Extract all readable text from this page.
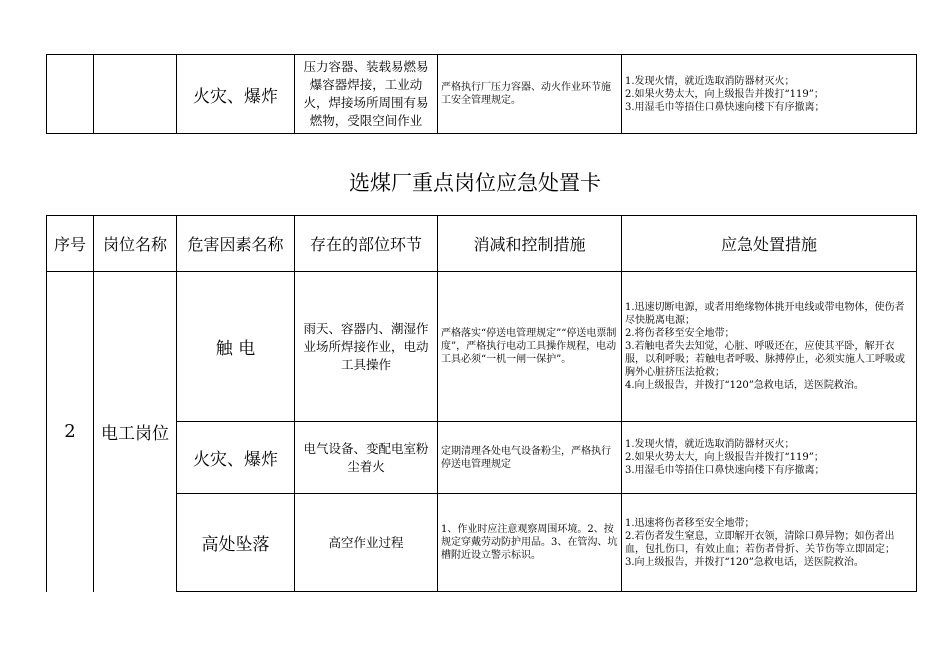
		火灾、爆炸	压力容器、装载易燃易爆容器焊接，工业动火，焊接场所周围有易燃物，受限空间作业	严格执行厂压力容器、动火作业环节施工安全管理规定。	
1.发现火情，就近选取消防器材灭火；
2.如果火势太大，向上级报告并拨打“119”；
3.用湿毛巾等捂住口鼻快速向楼下有序撤离；
选煤厂重点岗位应急处置卡
序号	岗位名称	危害因素名称	存在的部位环节	消减和控制措施	应急处置措施
2	电工岗位	触 电	雨天、容器内、潮湿作业场所焊接作业，电动工具操作	严格落实“停送电管理规定”“停送电票制度”，严格执行电动工具操作规程，电动工具必须“一机一闸一保护”。	1.迅速切断电源，或者用绝缘物体挑开电线或带电物体，使伤者尽快脱离电源；
2.将伤者移至安全地带；
3.若触电者失去知觉，心脏、呼吸还在，应使其平卧，解开衣服，以利呼吸；若触电者呼吸、脉搏停止，必须实施人工呼吸或胸外心脏挤压法抢救；
4.向上级报告，并拨打“120”急救电话，送医院救治。

		火灾、爆炸	电气设备、变配电室粉尘着火	定期清理各处电气设备粉尘，严格执行停送电管理规定	1.发现火情，就近选取消防器材灭火；
2.如果火势太大，向上级报告并拨打“119”；
3.用湿毛巾等捂住口鼻快速向楼下有序撤离；

		高处坠落	高空作业过程	1、作业时应注意观察周围环境。2、按规定穿戴劳动防护用品。3、在管沟、坑槽附近设立警示标识。	1.迅速将伤者移至安全地带；
2.若伤者发生窒息，立即解开衣领，清除口鼻异物；如伤者出血，包扎伤口，有效止血；若伤者骨折、关节伤等立即固定；
3.向上级报告，并拨打“120”急救电话，送医院救治。
